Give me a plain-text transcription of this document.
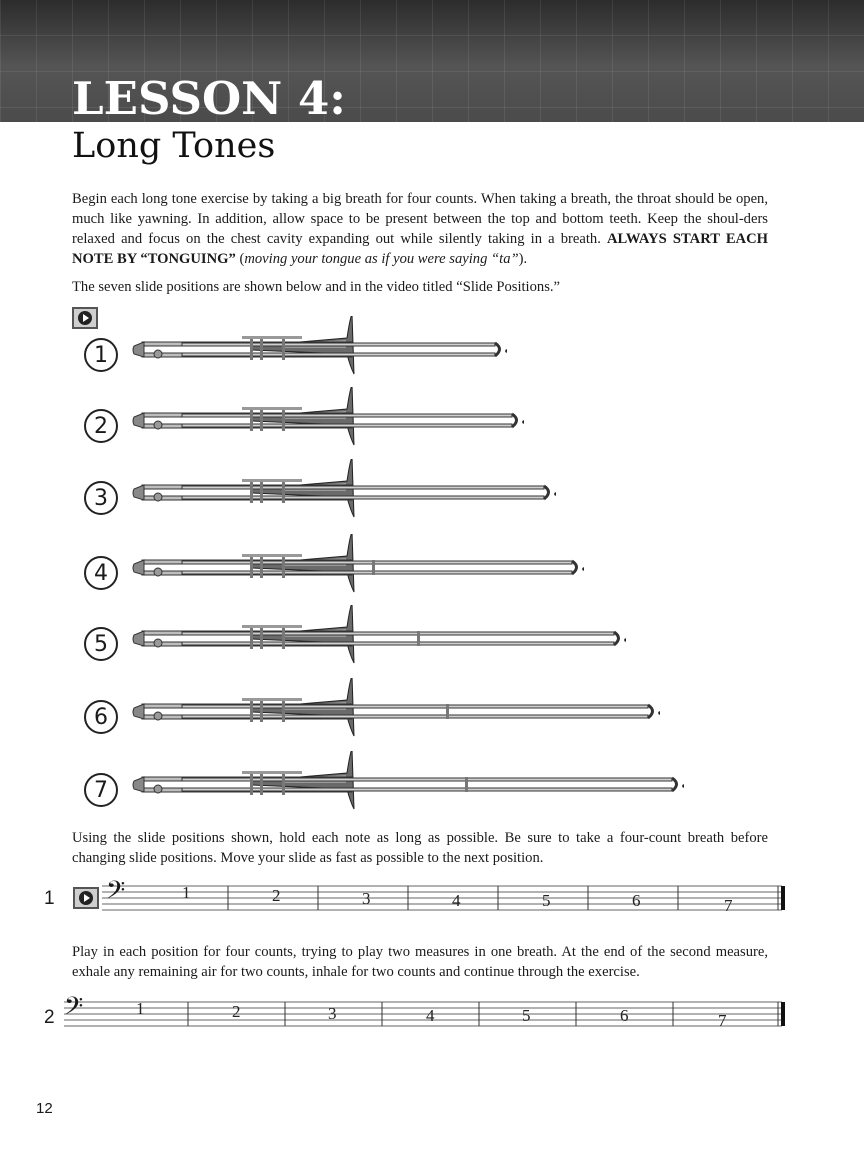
LESSON 4:
Long Tones

Begin each long tone exercise by taking a big breath for four counts. When taking a breath, the throat should be open, much like yawning. In addition, allow space to be present between the top and bottom teeth. Keep the shoul-ders relaxed and focus on the chest cavity expanding out while silently taking in a breath. ALWAYS START EACH NOTE BY “TONGUING” (moving your tongue as if you were saying “ta”).

The seven slide positions are shown below and in the video titled “Slide Positions.”

1
2
3
4
5
6
7

Using the slide positions shown, hold each note as long as possible. Be sure to take a four-count breath before changing slide positions. Move your slide as fast as possible to the next position.

1 𝄢	1	2	3	4	5	6	7

Play in each position for four counts, trying to play two measures in one breath. At the end of the second measure, exhale any remaining air for two counts, inhale for two counts and continue through the exercise.

2 𝄢	1	2	3	4	5	6	7
12
